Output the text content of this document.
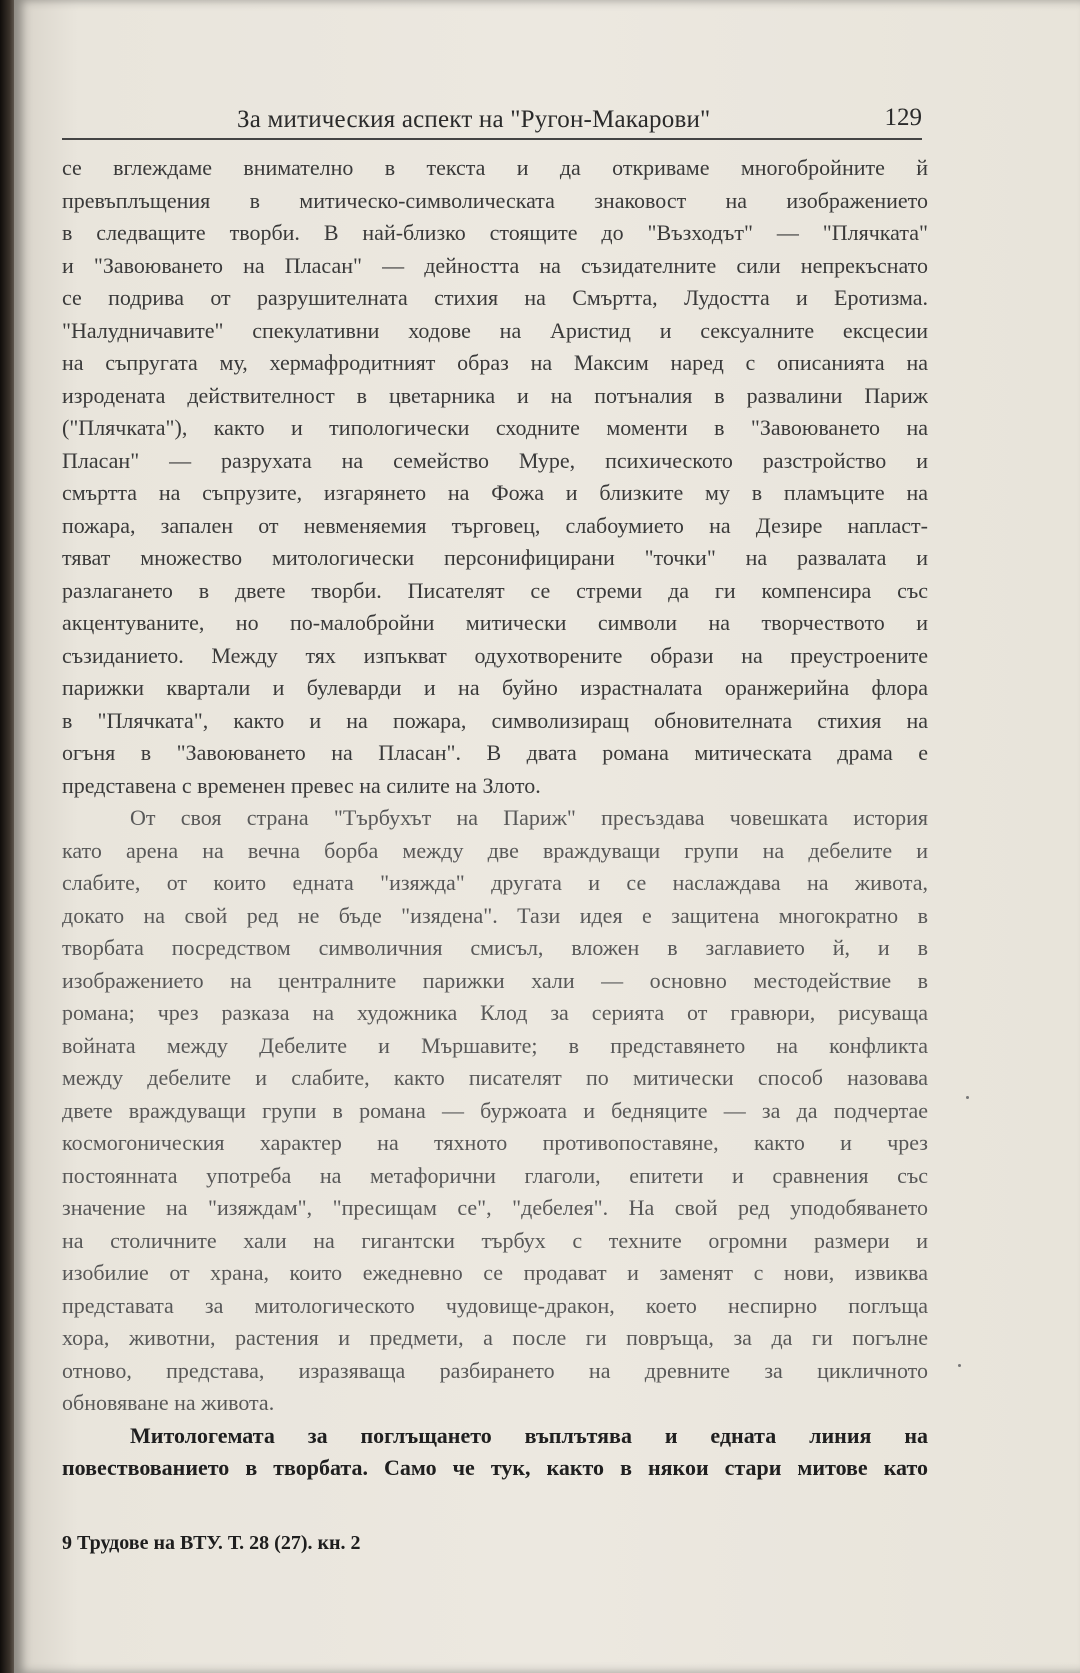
За митическия аспект на "Ругон-Макарови"	129
се вглеждаме внимателно в текста и да откриваме многобройните й
превъплъщения в митическо-символическата знаковост на изображението
в следващите творби. В най-близко стоящите до "Възходът" — "Плячката"
и "Завоюването на Пласан" — дейността на съзидателните сили непрекъснато
се подрива от разрушителната стихия на Смъртта, Лудостта и Еротизма.
"Налудничавите" спекулативни ходове на Аристид и сексуалните ексцесии
на съпругата му, хермафродитният образ на Максим наред с описанията на
изродената действителност в цветарника и на потъналия в развалини Париж
("Плячката"), както и типологически сходните моменти в "Завоюването на
Пласан" — разрухата на семейство Муре, психическото разстройство и
смъртта на съпрузите, изгарянето на Фожа и близките му в пламъците на
пожара, запален от невменяемия търговец, слабоумието на Дезире напласт-
тяват множество митологически персонифицирани "точки" на развалата и
разлагането в двете творби. Писателят се стреми да ги компенсира със
акцентуваните, но по-малобройни митически символи на творчеството и
съзиданието. Между тях изпъкват одухотворените образи на преустроените
парижки квартали и булеварди и на буйно израстналата оранжерийна флора
в "Плячката", както и на пожара, символизиращ обновителната стихия на
огъня в "Завоюването на Пласан". В двата романа митическата драма е
представена с временен превес на силите на Злото.
От своя страна "Търбухът на Париж" пресъздава човешката история
като арена на вечна борба между две враждуващи групи на дебелите и
слабите, от които едната "изяжда" другата и се наслаждава на живота,
докато на свой ред не бъде "изядена". Тази идея е защитена многократно в
творбата посредством символичния смисъл, вложен в заглавието й, и в
изображението на централните парижки хали — основно местодействие в
романа; чрез разказа на художника Клод за серията от гравюри, рисуваща
войната между Дебелите и Мършавите; в представянето на конфликта
между дебелите и слабите, както писателят по митически способ назовава
двете враждуващи групи в романа — буржоата и бедняците — за да подчертае
космогоническия характер на тяхното противопоставяне, както и чрез
постоянната употреба на метафорични глаголи, епитети и сравнения със
значение на "изяждам", "пресищам се", "дебелея". На свой ред уподобяването
на столичните хали на гигантски търбух с техните огромни размери и
изобилие от храна, които ежедневно се продават и заменят с нови, извиква
представата за митологическото чудовище-дракон, което неспирно поглъща
хора, животни, растения и предмети, а после ги повръща, за да ги погълне
отново, представа, изразяваща разбирането на древните за цикличното
обновяване на живота.
Митологемата за поглъщането въплътява и едната линия на
повествованието в творбата. Само че тук, както в някои стари митове като
9 Трудове на ВТУ. Т. 28 (27). кн. 2
